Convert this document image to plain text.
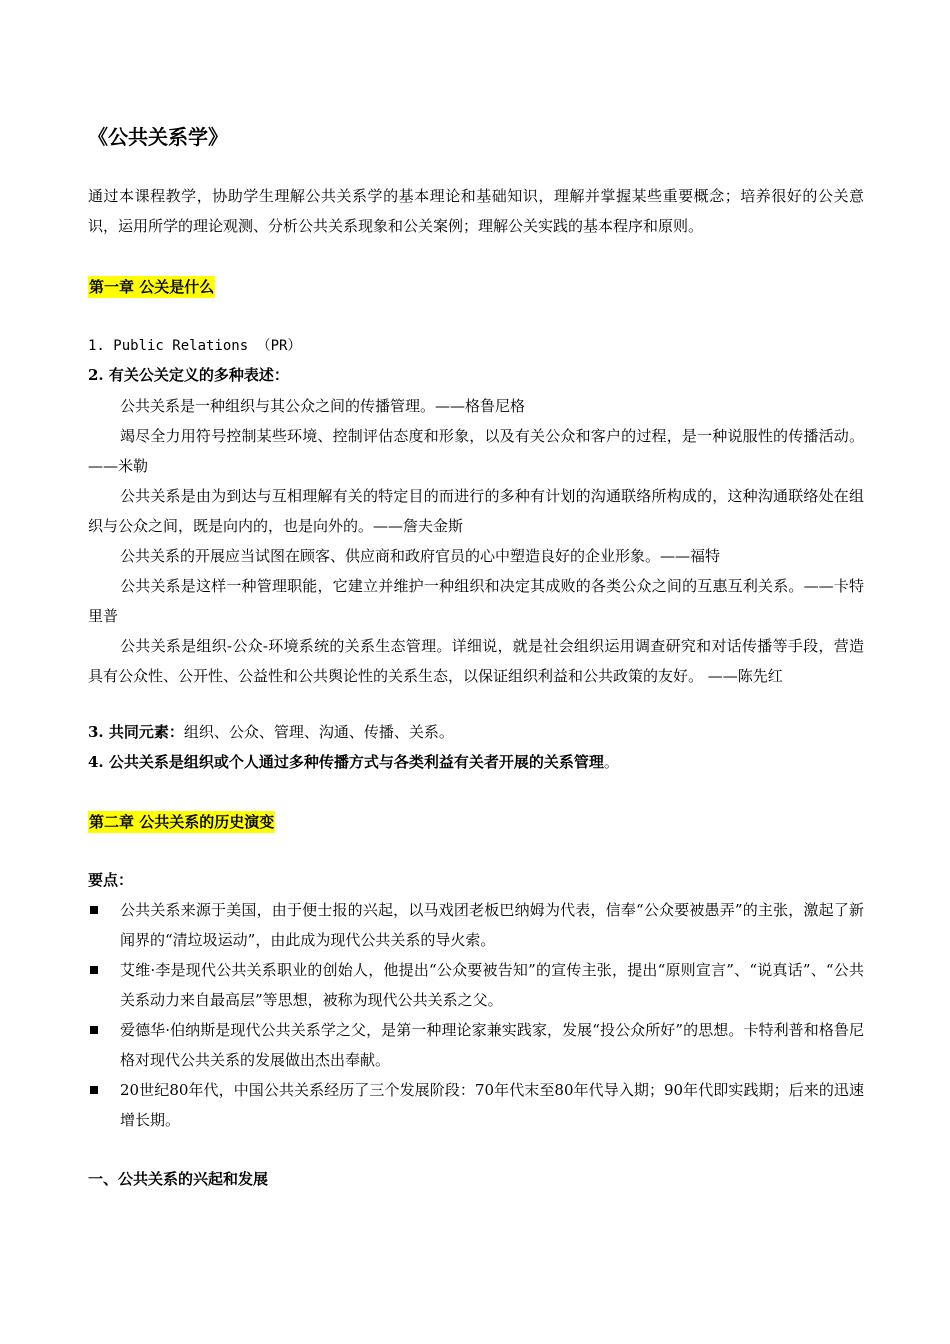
《公共关系学》

通过本课程教学，协助学生理解公共关系学的基本理论和基础知识，理解并掌握某些重要概念；培养很好的公关意识，运用所学的理论观测、分析公共关系现象和公关案例；理解公关实践的基本程序和原则。

第一章 公关是什么
1. Public Relations （PR）
2. 有关公关定义的多种表述：

公共关系是一种组织与其公众之间的传播管理。——格鲁尼格

竭尽全力用符号控制某些环境、控制评估态度和形象，以及有关公众和客户的过程，是一种说服性的传播活动。——米勒

公共关系是由为到达与互相理解有关的特定目的而进行的多种有计划的沟通联络所构成的，这种沟通联络处在组织与公众之间，既是向内的，也是向外的。——詹夫金斯

公共关系的开展应当试图在顾客、供应商和政府官员的心中塑造良好的企业形象。——福特

公共关系是这样一种管理职能，它建立并维护一种组织和决定其成败的各类公众之间的互惠互利关系。——卡特里普

公共关系是组织-公众-环境系统的关系生态管理。详细说，就是社会组织运用调查研究和对话传播等手段，营造具有公众性、公开性、公益性和公共舆论性的关系生态，以保证组织利益和公共政策的友好。 ——陈先红

3. 共同元素：组织、公众、管理、沟通、传播、关系。
4. 公共关系是组织或个人通过多种传播方式与各类利益有关者开展的关系管理。
第二章 公共关系的历史演变
要点：

公共关系来源于美国，由于便士报的兴起，以马戏团老板巴纳姆为代表，信奉“公众要被愚弄”的主张，激起了新闻界的“清垃圾运动”，由此成为现代公共关系的导火索。

艾维·李是现代公共关系职业的创始人，他提出“公众要被告知”的宣传主张，提出“原则宣言”、“说真话”、“公共关系动力来自最高层”等思想，被称为现代公共关系之父。

爱德华·伯纳斯是现代公共关系学之父，是第一种理论家兼实践家，发展“投公众所好”的思想。卡特利普和格鲁尼格对现代公共关系的发展做出杰出奉献。

20世纪80年代，中国公共关系经历了三个发展阶段：70年代末至80年代导入期；90年代即实践期；后来的迅速增长期。

一、公共关系的兴起和发展
